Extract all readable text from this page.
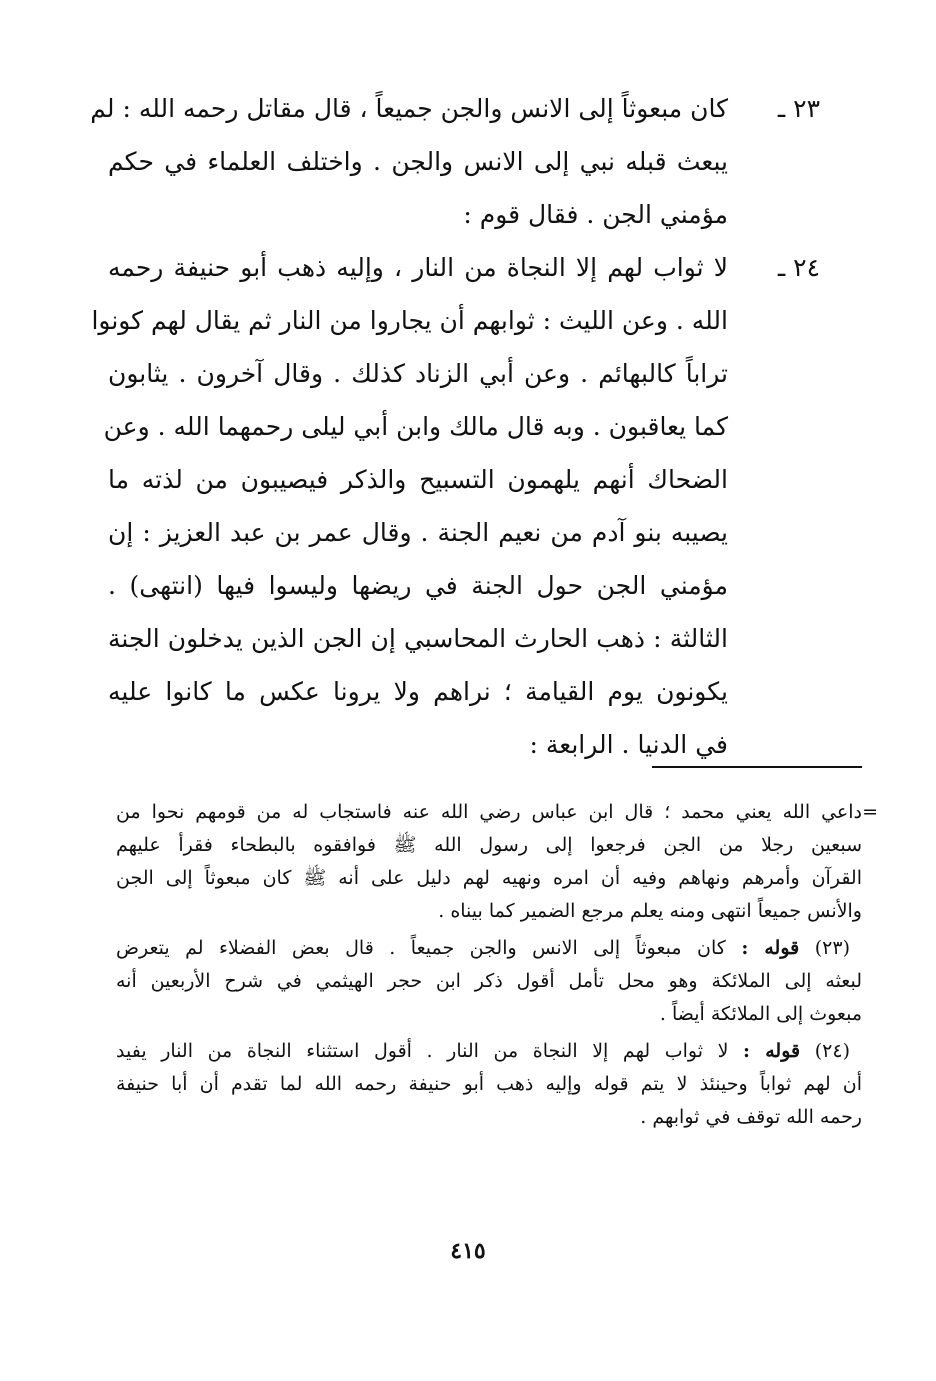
٢٣ ـ
كان مبعوثاً إلى الانس والجن جميعاً ، قال مقاتل رحمه الله : لم
يبعث قبله نبي إلى الانس والجن . واختلف العلماء في حكم
مؤمني الجن . فقال قوم :
٢٤ ـ
لا ثواب لهم إلا النجاة من النار ، وإليه ذهب أبو حنيفة رحمه
الله . وعن الليث : ثوابهم أن يجاروا من النار ثم يقال لهم كونوا
تراباً كالبهائم . وعن أبي الزناد كذلك . وقال آخرون . يثابون
كما يعاقبون . وبه قال مالك وابن أبي ليلى رحمهما الله . وعن
الضحاك أنهم يلهمون التسبيح والذكر فيصيبون من لذته ما
يصيبه بنو آدم من نعيم الجنة . وقال عمر بن عبد العزيز : إن
مؤمني الجن حول الجنة في ريضها وليسوا فيها (انتهى) .
الثالثة : ذهب الحارث المحاسبي إن الجن الذين يدخلون الجنة
يكونون يوم القيامة ؛ نراهم ولا يرونا عكس ما كانوا عليه
في الدنيا . الرابعة :
=
داعي الله يعني محمد ؛ قال ابن عباس رضي الله عنه فاستجاب له من قومهم نحوا من
سبعين رجلا من الجن فرجعوا إلى رسول الله ﷺ فوافقوه بالبطحاء فقرأ عليهم
القرآن وأمرهم ونهاهم وفيه أن امره ونهيه لهم دليل على أنه ﷺ كان مبعوثاً إلى الجن
والأنس جميعاً انتهى ومنه يعلم مرجع الضمير كما بيناه .
(٢٣) قوله : كان مبعوثاً إلى الانس والجن جميعاً . قال بعض الفضلاء لم يتعرض
لبعثه إلى الملائكة وهو محل تأمل أقول ذكر ابن حجر الهيثمي في شرح الأربعين أنه
مبعوث إلى الملائكة أيضاً .
(٢٤) قوله : لا ثواب لهم إلا النجاة من النار . أقول استثناء النجاة من النار يفيد
أن لهم ثواباً وحينئذ لا يتم قوله وإليه ذهب أبو حنيفة رحمه الله لما تقدم أن أبا حنيفة
رحمه الله توقف في ثوابهم .
٤١٥
